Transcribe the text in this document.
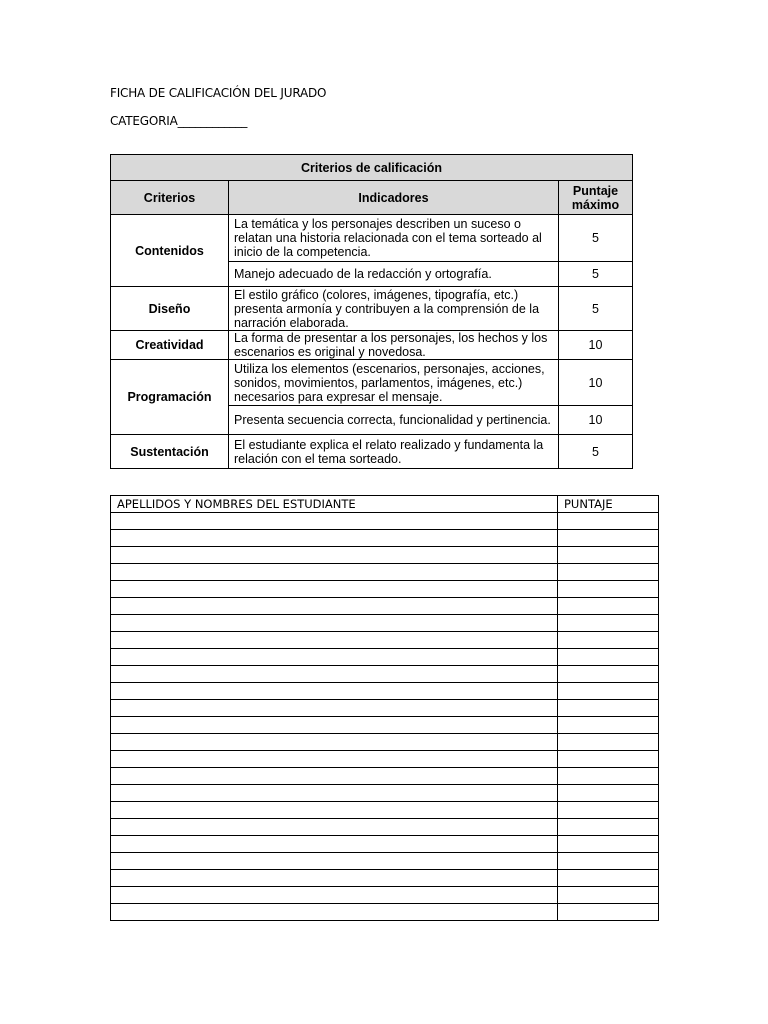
FICHA DE CALIFICACIÓN DEL JURADO
CATEGORIA____________
Criterios de calificación		
Criterios	Indicadores	Puntaje máximo
Contenidos	La temática y los personajes describen un suceso o relatan una historia relacionada con el tema sorteado al inicio de la competencia.	5
	Manejo adecuado de la redacción y ortografía.	5
Diseño	El estilo gráfico (colores, imágenes, tipografía, etc.) presenta armonía y contribuyen a la comprensión de la narración elaborada.	5
Creatividad	La forma de presentar a los personajes, los hechos y los escenarios es original y novedosa.	10
Programación	Utiliza los elementos (escenarios, personajes, acciones, sonidos, movimientos, parlamentos, imágenes, etc.) necesarios para expresar el mensaje.	10
	Presenta secuencia correcta, funcionalidad y pertinencia.	10
Sustentación	El estudiante explica el relato realizado y fundamenta la relación con el tema sorteado.	5
APELLIDOS Y NOMBRES DEL ESTUDIANTE	PUNTAJE
